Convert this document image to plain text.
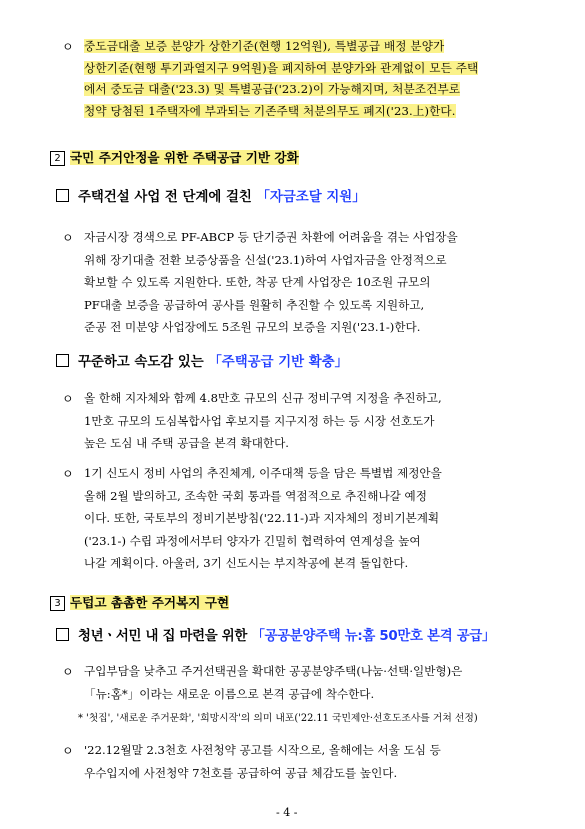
ㅇ 중도금대출 보증 분양가 상한기준(현행 12억원), 특별공급 배정 분양가
상한기준(현행 투기과열지구 9억원)을 폐지하여 분양가와 관계없이 모든 주택
에서 중도금 대출('23.3) 및 특별공급('23.2)이 가능해지며, 처분조건부로
청약 당첨된 1주택자에 부과되는 기존주택 처분의무도 폐지('23.上)한다.
2 국민 주거안정을 위한 주택공급 기반 강화
주택건설 사업 전 단계에 걸친 「자금조달 지원」
ㅇ 자금시장 경색으로 PF-ABCP 등 단기증권 차환에 어려움을 겪는 사업장을
위해 장기대출 전환 보증상품을 신설('23.1)하여 사업자금을 안정적으로
확보할 수 있도록 지원한다. 또한, 착공 단계 사업장은 10조원 규모의
PF대출 보증을 공급하여 공사를 원활히 추진할 수 있도록 지원하고,
준공 전 미분양 사업장에도 5조원 규모의 보증을 지원('23.1-)한다.
꾸준하고 속도감 있는 「주택공급 기반 확충」
ㅇ 올 한해 지자체와 함께 4.8만호 규모의 신규 정비구역 지정을 추진하고,
1만호 규모의 도심복합사업 후보지를 지구지정 하는 등 시장 선호도가
높은 도심 내 주택 공급을 본격 확대한다.
ㅇ 1기 신도시 정비 사업의 추진체계, 이주대책 등을 담은 특별법 제정안을
올해 2월 발의하고, 조속한 국회 통과를 역점적으로 추진해나갈 예정
이다. 또한, 국토부의 정비기본방침('22.11-)과 지자체의 정비기본계획
('23.1-) 수립 과정에서부터 양자가 긴밀히 협력하여 연계성을 높여
나갈 계획이다. 아울러, 3기 신도시는 부지착공에 본격 돌입한다.
3 두텁고 촘촘한 주거복지 구현
청년ㆍ서민 내 집 마련을 위한 「공공분양주택 뉴:홈 50만호 본격 공급」
ㅇ 구입부담을 낮추고 주거선택권을 확대한 공공분양주택(나눔·선택·일반형)은
「뉴:홈*」이라는 새로운 이름으로 본격 공급에 착수한다.
* '첫집', '새로운 주거문화', '희망시작'의 의미 내포('22.11 국민제안·선호도조사를 거쳐 선정)
ㅇ '22.12월말 2.3천호 사전청약 공고를 시작으로, 올해에는 서울 도심 등
우수입지에 사전청약 7천호를 공급하여 공급 체감도를 높인다.
- 4 -
